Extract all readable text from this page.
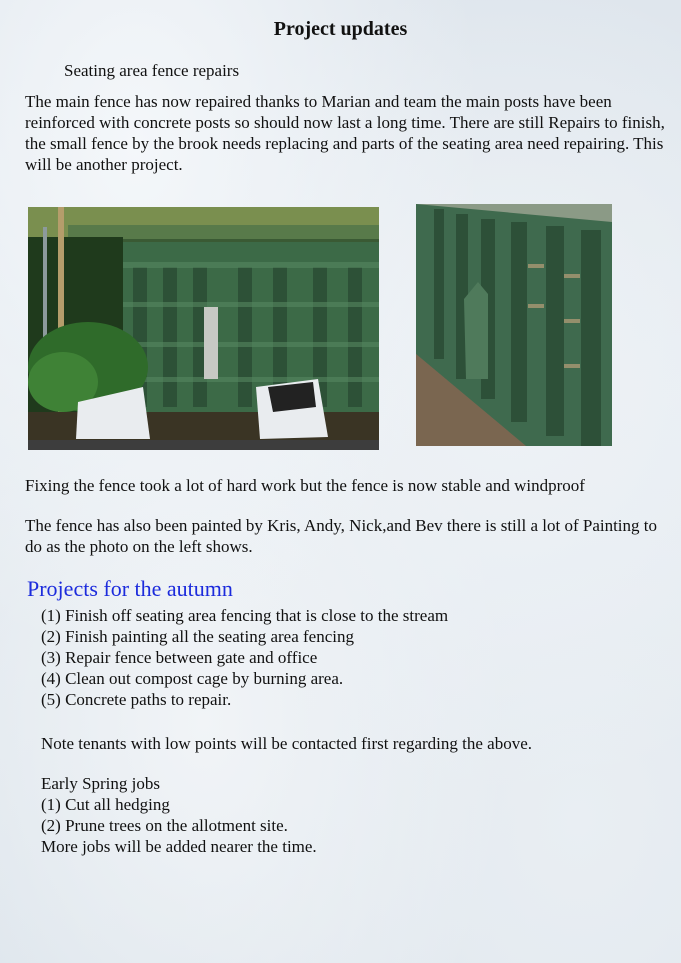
Project updates
Seating area fence repairs
The main fence has now repaired thanks to Marian and team the main posts have been reinforced with concrete posts so should now last a long time. There are still Repairs to finish, the small fence by the brook needs replacing and parts of the seating area need repairing. This will be another project.
Fixing the fence took a lot of hard work but the fence is now stable and windproof
The fence has also been painted by Kris, Andy, Nick,and Bev there is still a lot of Painting to do as the photo on the left shows.
Projects for the autumn
(1) Finish off seating area fencing that is close to the stream
(2) Finish painting all the seating area fencing
(3) Repair fence between gate and office
(4) Clean out compost cage by burning area.
(5) Concrete paths to repair.
Note tenants with low points will be contacted first regarding the above.
Early Spring jobs
(1) Cut all hedging
(2) Prune trees on the allotment site.
More jobs will be added nearer the time.
